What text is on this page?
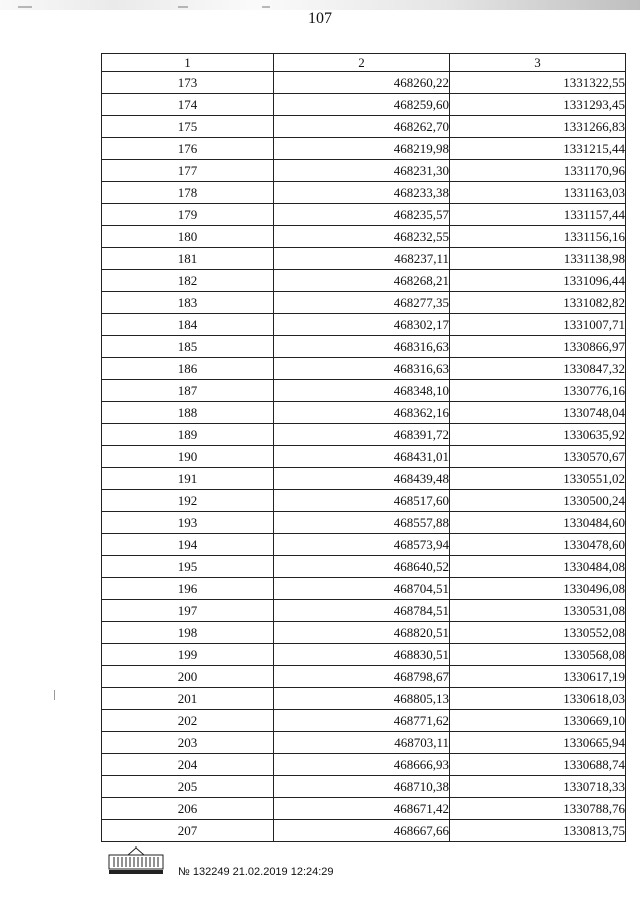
107
1	2	3
173	468260,22	1331322,55
174	468259,60	1331293,45
175	468262,70	1331266,83
176	468219,98	1331215,44
177	468231,30	1331170,96
178	468233,38	1331163,03
179	468235,57	1331157,44
180	468232,55	1331156,16
181	468237,11	1331138,98
182	468268,21	1331096,44
183	468277,35	1331082,82
184	468302,17	1331007,71
185	468316,63	1330866,97
186	468316,63	1330847,32
187	468348,10	1330776,16
188	468362,16	1330748,04
189	468391,72	1330635,92
190	468431,01	1330570,67
191	468439,48	1330551,02
192	468517,60	1330500,24
193	468557,88	1330484,60
194	468573,94	1330478,60
195	468640,52	1330484,08
196	468704,51	1330496,08
197	468784,51	1330531,08
198	468820,51	1330552,08
199	468830,51	1330568,08
200	468798,67	1330617,19
201	468805,13	1330618,03
202	468771,62	1330669,10
203	468703,11	1330665,94
204	468666,93	1330688,74
205	468710,38	1330718,33
206	468671,42	1330788,76
207	468667,66	1330813,75
№ 132249 21.02.2019 12:24:29
